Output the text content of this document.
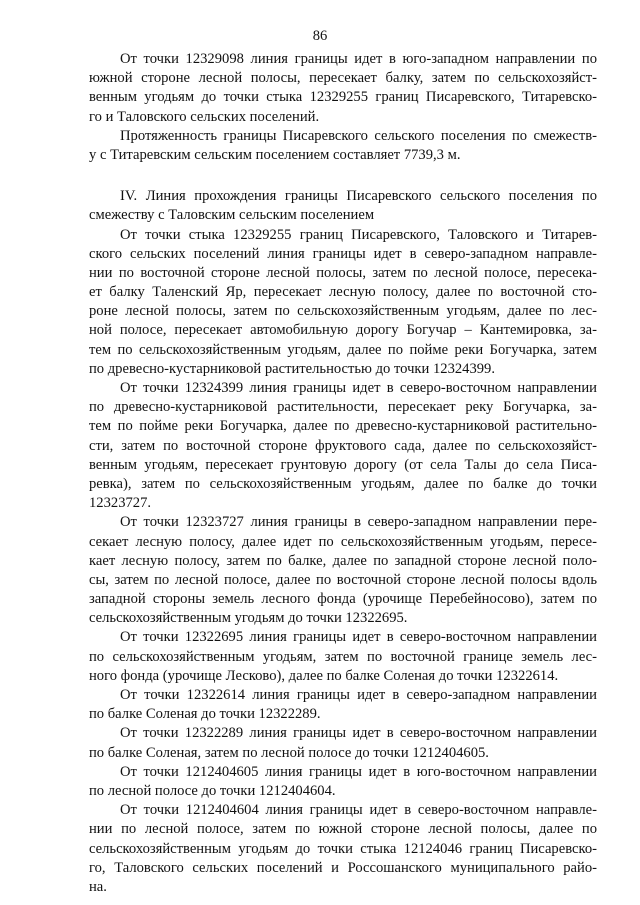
86
От точки 12329098 линия границы идет в юго-западном направлении по
южной стороне лесной полосы, пересекает балку, затем по сельскохозяйст-
венным угодьям до точки стыка 12329255 границ Писаревского, Титаревско-
го и Таловского сельских поселений.
Протяженность границы Писаревского сельского поселения по смежеств-
у с Титаревским сельским поселением составляет 7739,3 м.
IV. Линия прохождения границы Писаревского сельского поселения по
смежеству с Таловским сельским поселением
От точки стыка 12329255 границ Писаревского, Таловского и Титарев-
ского сельских поселений линия границы идет в северо-западном направле-
нии по восточной стороне лесной полосы, затем по лесной полосе, пересека-
ет балку Таленский Яр, пересекает лесную полосу, далее по восточной сто-
роне лесной полосы, затем по сельскохозяйственным угодьям, далее по лес-
ной полосе, пересекает автомобильную дорогу Богучар – Кантемировка, за-
тем по сельскохозяйственным угодьям, далее по пойме реки Богучарка, затем
по древесно-кустарниковой растительностью до точки 12324399.
От точки 12324399 линия границы идет в северо-восточном направлении
по древесно-кустарниковой растительности, пересекает реку Богучарка, за-
тем по пойме реки Богучарка, далее по древесно-кустарниковой растительно-
сти, затем по восточной стороне фруктового сада, далее по сельскохозяйст-
венным угодьям, пересекает грунтовую дорогу (от села Талы до села Писа-
ревка), затем по сельскохозяйственным угодьям, далее по балке до точки
12323727.
От точки 12323727 линия границы в северо-западном направлении пере-
секает лесную полосу, далее идет по сельскохозяйственным угодьям, пересе-
кает лесную полосу, затем по балке, далее по западной стороне лесной поло-
сы, затем по лесной полосе, далее по восточной стороне лесной полосы вдоль
западной стороны земель лесного фонда (урочище Перебейносово), затем по
сельскохозяйственным угодьям до точки 12322695.
От точки 12322695 линия границы идет в северо-восточном направлении
по сельскохозяйственным угодьям, затем по восточной границе земель лес-
ного фонда (урочище Лесково), далее по балке Соленая до точки 12322614.
От точки 12322614 линия границы идет в северо-западном направлении
по балке Соленая до точки 12322289.
От точки 12322289 линия границы идет в северо-восточном направлении
по балке Соленая, затем по лесной полосе до точки 1212404605.
От точки 1212404605 линия границы идет в юго-восточном направлении
по лесной полосе до точки 1212404604.
От точки 1212404604 линия границы идет в северо-восточном направле-
нии по лесной полосе, затем по южной стороне лесной полосы, далее по
сельскохозяйственным угодьям до точки стыка 12124046 границ Писаревско-
го, Таловского сельских поселений и Россошанского муниципального райо-
на.
